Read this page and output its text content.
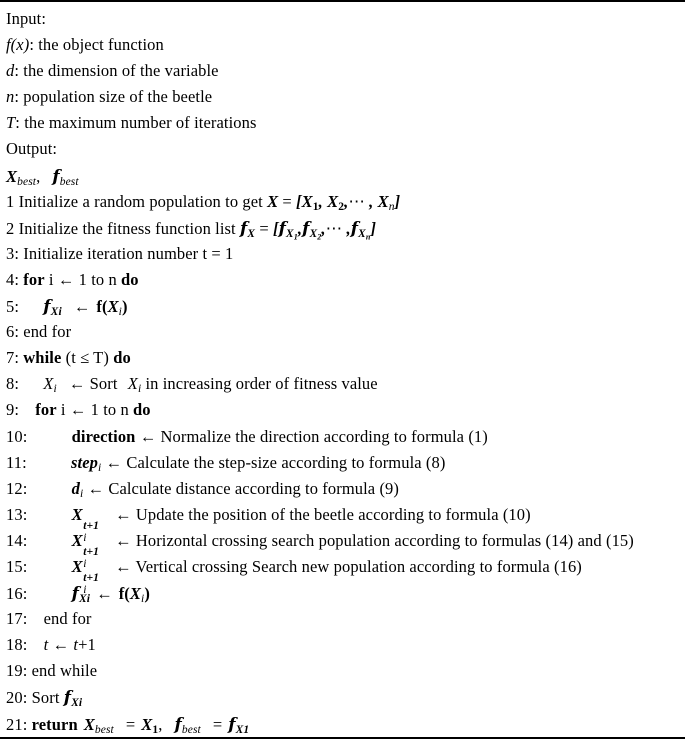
Input:
f(x): the object function
d: the dimension of the variable
n: population size of the beetle
T: the maximum number of iterations
Output:
$X_{best}$, $f_{best}$
1 Initialize a random population to get $X = [X_1$, $X_2,\cdots$ , $X_n$]
2 Initialize the fitness function list $f_X$ = [$f_{X_1},f_{X_2},\cdots$ $,f_{X_n}$]
3: Initialize iteration number t = 1
4: for i ← 1 to n do
5: $f_{Xi}$ ← $f(X_i)$
6: end for
7: while (t ≤ T) do
8: $X_i$ ← Sort $X_i$ in increasing order of fitness value
9: for i ← 1 to n do
10:	direction ← Normalize the direction according to formula (1)
11:	step$_i$ ← Calculate the step-size according to formula (8)
12:	$d_i$ ← Calculate distance according to formula (9)
13:	X
t+1
i
← Update the position of the beetle according to formula (10)
14:	X
t+1
i
← Horizontal crossing search population according to formulas (14) and (15)
15:	X
t+1
i
← Vertical crossing Search new population according to formula (16)
16:	$f_{Xi}$ ← $f(X_i)$
17: end for
18: t ← t+1
19: end while
20: Sort $f_{Xi}$
21: return $X_{best} = X_1$, $f_{best} = f_{X1}$
